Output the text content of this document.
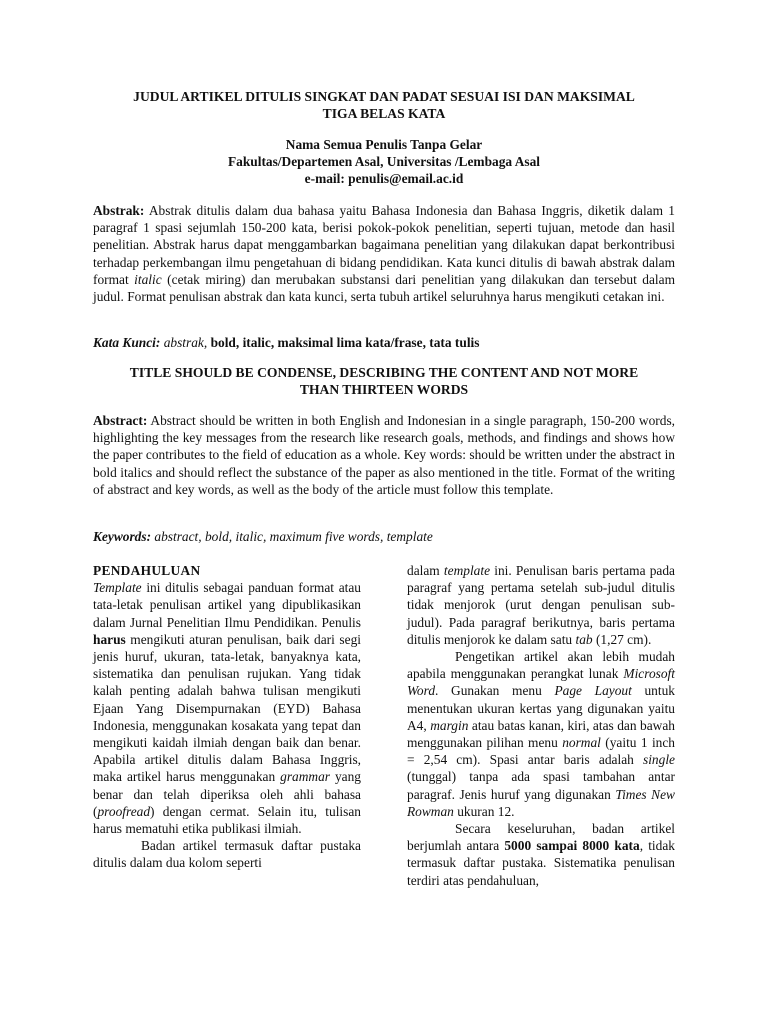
JUDUL ARTIKEL DITULIS SINGKAT DAN PADAT SESUAI ISI DAN MAKSIMAL
TIGA BELAS KATA
Nama Semua Penulis Tanpa Gelar
Fakultas/Departemen Asal, Universitas /Lembaga Asal
e-mail: penulis@email.ac.id
Abstrak: Abstrak ditulis dalam dua bahasa yaitu Bahasa Indonesia dan Bahasa Inggris, diketik dalam 1 paragraf 1 spasi sejumlah 150-200 kata, berisi pokok-pokok penelitian, seperti tujuan, metode dan hasil penelitian. Abstrak harus dapat menggambarkan bagaimana penelitian yang dilakukan dapat berkontribusi terhadap perkembangan ilmu pengetahuan di bidang pendidikan. Kata kunci ditulis di bawah abstrak dalam format italic (cetak miring) dan merubakan substansi dari penelitian yang dilakukan dan tersebut dalam judul. Format penulisan abstrak dan kata kunci, serta tubuh artikel seluruhnya harus mengikuti cetakan ini.
Kata Kunci: abstrak, bold, italic, maksimal lima kata/frase, tata tulis
TITLE SHOULD BE CONDENSE, DESCRIBING THE CONTENT AND NOT MORE
THAN THIRTEEN WORDS
Abstract: Abstract should be written in both English and Indonesian in a single paragraph, 150-200 words, highlighting the key messages from the research like research goals, methods, and findings and shows how the paper contributes to the field of education as a whole. Key words: should be written under the abstract in bold italics and should reflect the substance of the paper as also mentioned in the title. Format of the writing of abstract and key words, as well as the body of the article must follow this template.
Keywords: abstract, bold, italic, maximum five words, template

PENDAHULUAN

Template ini ditulis sebagai panduan format atau tata-letak penulisan artikel yang dipublikasikan dalam Jurnal Penelitian Ilmu Pendidikan. Penulis harus mengikuti aturan penulisan, baik dari segi jenis huruf, ukuran, tata-letak, banyaknya kata, sistematika dan penulisan rujukan. Yang tidak kalah penting adalah bahwa tulisan mengikuti Ejaan Yang Disempurnakan (EYD) Bahasa Indonesia, menggunakan kosakata yang tepat dan mengikuti kaidah ilmiah dengan baik dan benar. Apabila artikel ditulis dalam Bahasa Inggris, maka artikel harus menggunakan grammar yang benar dan telah diperiksa oleh ahli bahasa (proofread) dengan cermat. Selain itu, tulisan harus mematuhi etika publikasi ilmiah.

Badan artikel termasuk daftar pustaka ditulis dalam dua kolom seperti

dalam template ini. Penulisan baris pertama pada paragraf yang pertama setelah sub-judul ditulis tidak menjorok (urut dengan penulisan sub-judul). Pada paragraf berikutnya, baris pertama ditulis menjorok ke dalam satu tab (1,27 cm).

Pengetikan artikel akan lebih mudah apabila menggunakan perangkat lunak Microsoft Word. Gunakan menu Page Layout untuk menentukan ukuran kertas yang digunakan yaitu A4, margin atau batas kanan, kiri, atas dan bawah menggunakan pilihan menu normal (yaitu 1 inch = 2,54 cm). Spasi antar baris adalah single (tunggal) tanpa ada spasi tambahan antar paragraf. Jenis huruf yang digunakan Times New Rowman ukuran 12.

Secara keseluruhan, badan artikel berjumlah antara 5000 sampai 8000 kata, tidak termasuk daftar pustaka. Sistematika penulisan terdiri atas pendahuluan,
